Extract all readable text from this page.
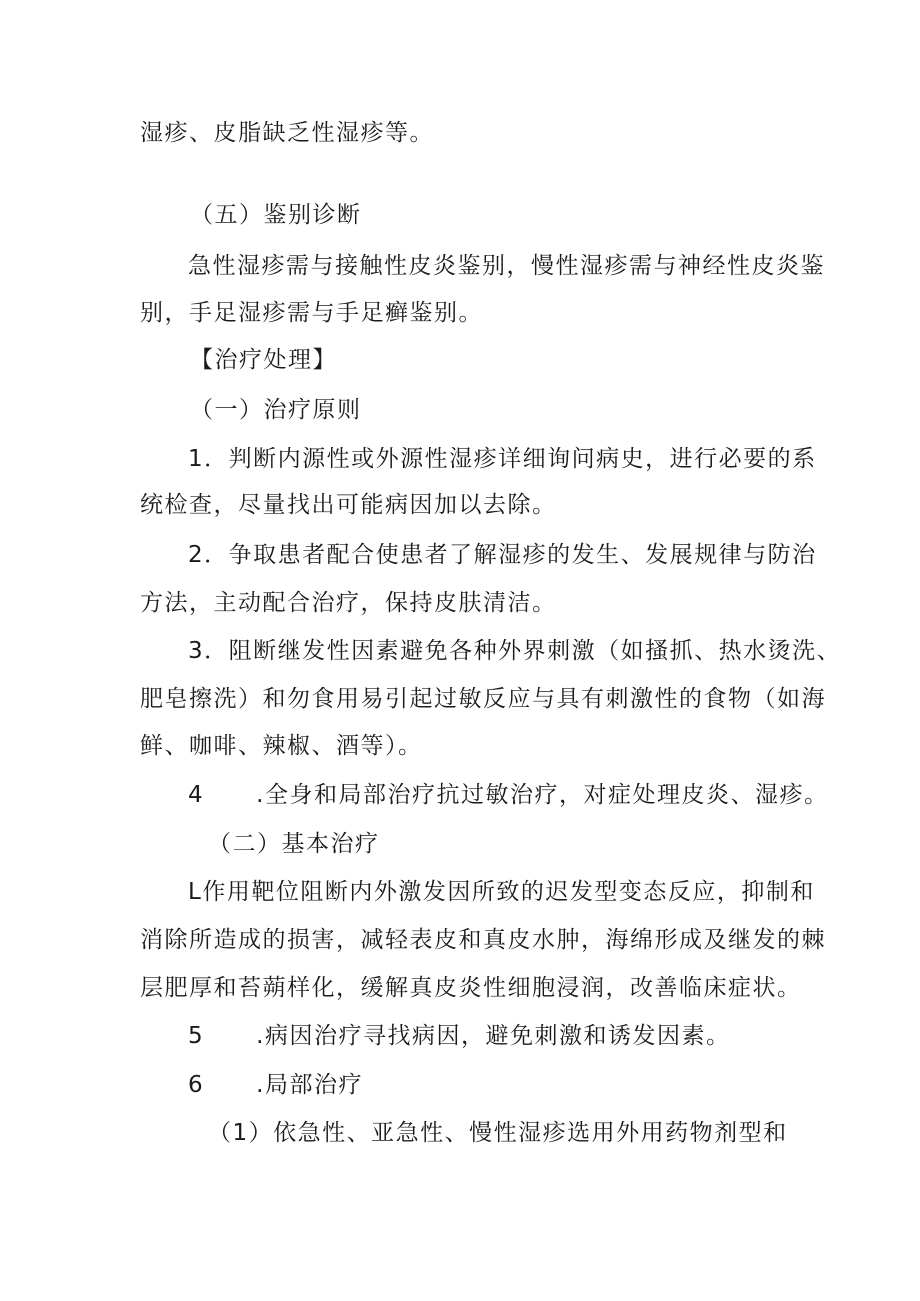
湿疹、皮脂缺乏性湿疹等。
（五）鉴别诊断
急性湿疹需与接触性皮炎鉴别，慢性湿疹需与神经性皮炎鉴
别，手足湿疹需与手足癣鉴别。
【治疗处理】
（一）治疗原则
1．判断内源性或外源性湿疹详细询问病史，进行必要的系
统检查，尽量找出可能病因加以去除。
2．争取患者配合使患者了解湿疹的发生、发展规律与防治
方法，主动配合治疗，保持皮肤清洁。
3．阻断继发性因素避免各种外界刺激（如搔抓、热水烫洗、
肥皂擦洗）和勿食用易引起过敏反应与具有刺激性的食物（如海
鲜、咖啡、辣椒、酒等）。
4 .全身和局部治疗抗过敏治疗，对症处理皮炎、湿疹。
（二）基本治疗
L作用靶位阻断内外激发因所致的迟发型变态反应，抑制和
消除所造成的损害，减轻表皮和真皮水肿，海绵形成及继发的棘
层肥厚和苔蒴样化，缓解真皮炎性细胞浸润，改善临床症状。
5 .病因治疗寻找病因，避免刺激和诱发因素。
6 .局部治疗
（1）依急性、亚急性、慢性湿疹选用外用药物剂型和
